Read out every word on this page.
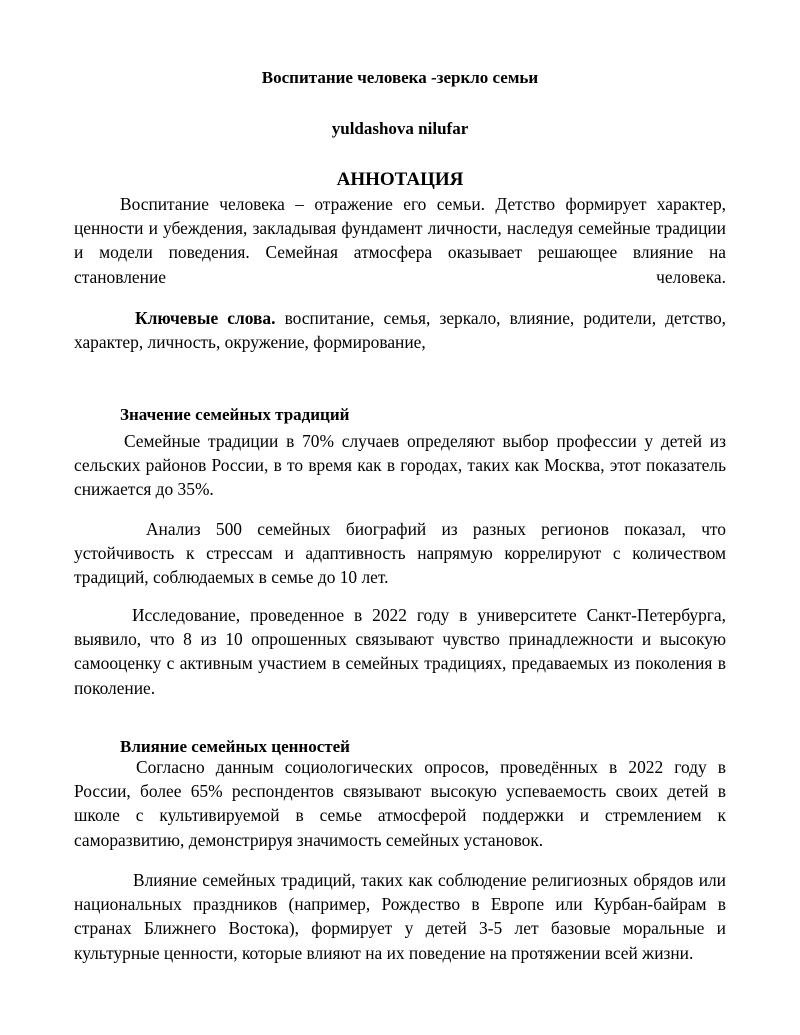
Воспитание человека -зеркло семьи
yuldashova nilufar
АННОТАЦИЯ
Воспитание человека – отражение его семьи. Детство формирует характер, ценности и убеждения, закладывая фундамент личности, наследуя семейные традиции и модели поведения. Семейная атмосфера оказывает решающее влияние на становление человека.
Ключевые слова. воспитание, семья, зеркало, влияние, родители, детство, характер, личность, окружение, формирование,
Значение семейных традиций
Семейные традиции в 70% случаев определяют выбор профессии у детей из сельских районов России, в то время как в городах, таких как Москва, этот показатель снижается до 35%.
Анализ 500 семейных биографий из разных регионов показал, что устойчивость к стрессам и адаптивность напрямую коррелируют с количеством традиций, соблюдаемых в семье до 10 лет.
Исследование, проведенное в 2022 году в университете Санкт-Петербурга, выявило, что 8 из 10 опрошенных связывают чувство принадлежности и высокую самооценку с активным участием в семейных традициях, предаваемых из поколения в поколение.
Влияние семейных ценностей
Согласно данным социологических опросов, проведённых в 2022 году в России, более 65% респондентов связывают высокую успеваемость своих детей в школе с культивируемой в семье атмосферой поддержки и стремлением к саморазвитию, демонстрируя значимость семейных установок.
Влияние семейных традиций, таких как соблюдение религиозных обрядов или национальных праздников (например, Рождество в Европе или Курбан-байрам в странах Ближнего Востока), формирует у детей 3-5 лет базовые моральные и культурные ценности, которые влияют на их поведение на протяжении всей жизни.
